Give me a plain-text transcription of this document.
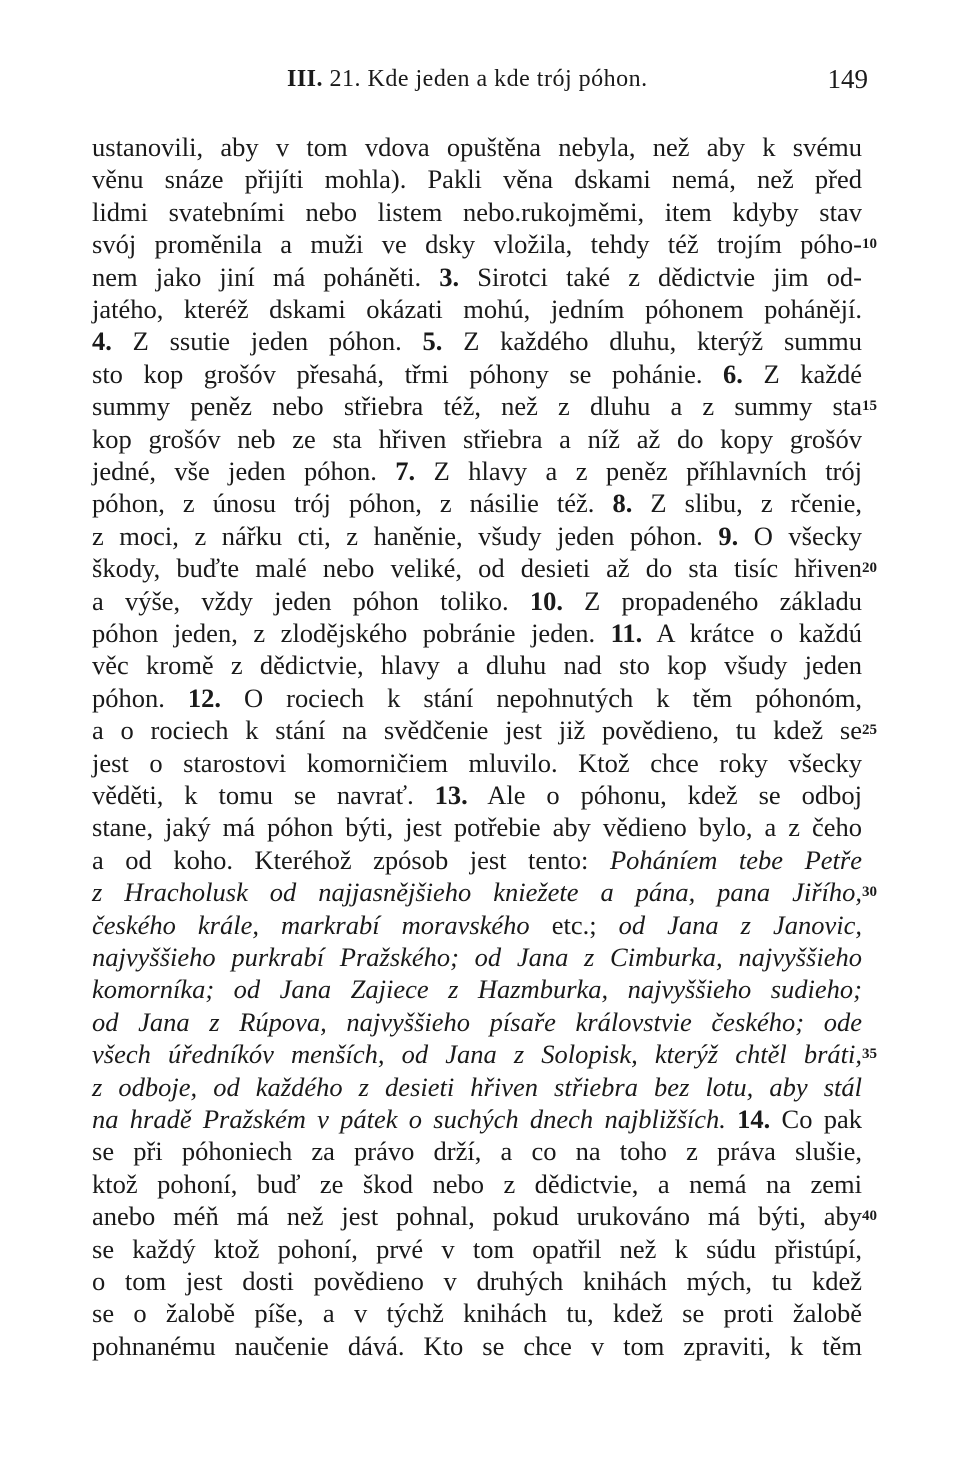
III. 21. Kde jeden a kde trój póhon.	149
ustanovili, aby v tom vdova opuštěna nebyla, než aby k svému
věnu snáze přijíti mohla). Pakli věna dskami nemá, než před
lidmi svatebními nebo listem nebo.rukojměmi, item kdyby stav
svój proměnila a muži ve dsky vložila, tehdy též trojím póho-
nem jako jiní má poháněti. 3. Sirotci také z dědictvie jim od-
jatého, kteréž dskami okázati mohú, jedním póhonem pohánějí.
4. Z ssutie jeden póhon. 5. Z každého dluhu, kterýž summu
sto kop grošóv přesahá, třmi póhony se pohánie. 6. Z každé
summy peněz nebo střiebra též, než z dluhu a z summy sta
kop grošóv neb ze sta hřiven střiebra a níž až do kopy grošóv
jedné, vše jeden póhon. 7. Z hlavy a z peněz příhlavních trój
póhon, z únosu trój póhon, z násilie též. 8. Z slibu, z rčenie,
z moci, z nářku cti, z haněnie, všudy jeden póhon. 9. O všecky
škody, buďte malé nebo veliké, od desieti až do sta tisíc hřiven
a výše, vždy jeden póhon toliko. 10. Z propadeného základu
póhon jeden, z zlodějského pobránie jeden. 11. A krátce o každú
věc kromě z dědictvie, hlavy a dluhu nad sto kop všudy jeden
póhon. 12. O rociech k stání nepohnutých k těm póhonóm,
a o rociech k stání na svědčenie jest již povědieno, tu kdež se
jest o starostovi komorničiem mluvilo. Ktož chce roky všecky
věděti, k tomu se navrať. 13. Ale o póhonu, kdež se odboj
stane, jaký má póhon býti, jest potřebie aby vědieno bylo, a z čeho
a od koho. Kteréhož zpósob jest tento: Poháníem tebe Petře
z Hracholusk od najjasnějšieho kniežete a pána, pana Jiřího,
českého krále, markrabí moravského etc.; od Jana z Janovic,
najvyššieho purkrabí Pražského; od Jana z Cimburka, najvyššieho
komorníka; od Jana Zajiece z Hazmburka, najvyššieho sudieho;
od Jana z Rúpova, najvyššieho písaře královstvie českého; ode
všech úředníkóv menších, od Jana z Solopisk, kterýž chtěl bráti,
z odboje, od každého z desieti hřiven střiebra bez lotu, aby stál
na hradě Pražském v pátek o suchých dnech najbližších. 14. Co pak
se při póhoniech za právo drží, a co na toho z práva slušie,
ktož pohoní, buď ze škod nebo z dědictvie, a nemá na zemi
anebo méň má než jest pohnal, pokud urukováno má býti, aby
se každý ktož pohoní, prvé v tom opatřil než k súdu přistúpí,
o tom jest dosti povědieno v druhých knihách mých, tu kdež
se o žalobě píše, a v týchž knihách tu, kdež se proti žalobě
pohnanému naučenie dává. Kto se chce v tom zpraviti, k těm
10
15
20
25
30
35
40
